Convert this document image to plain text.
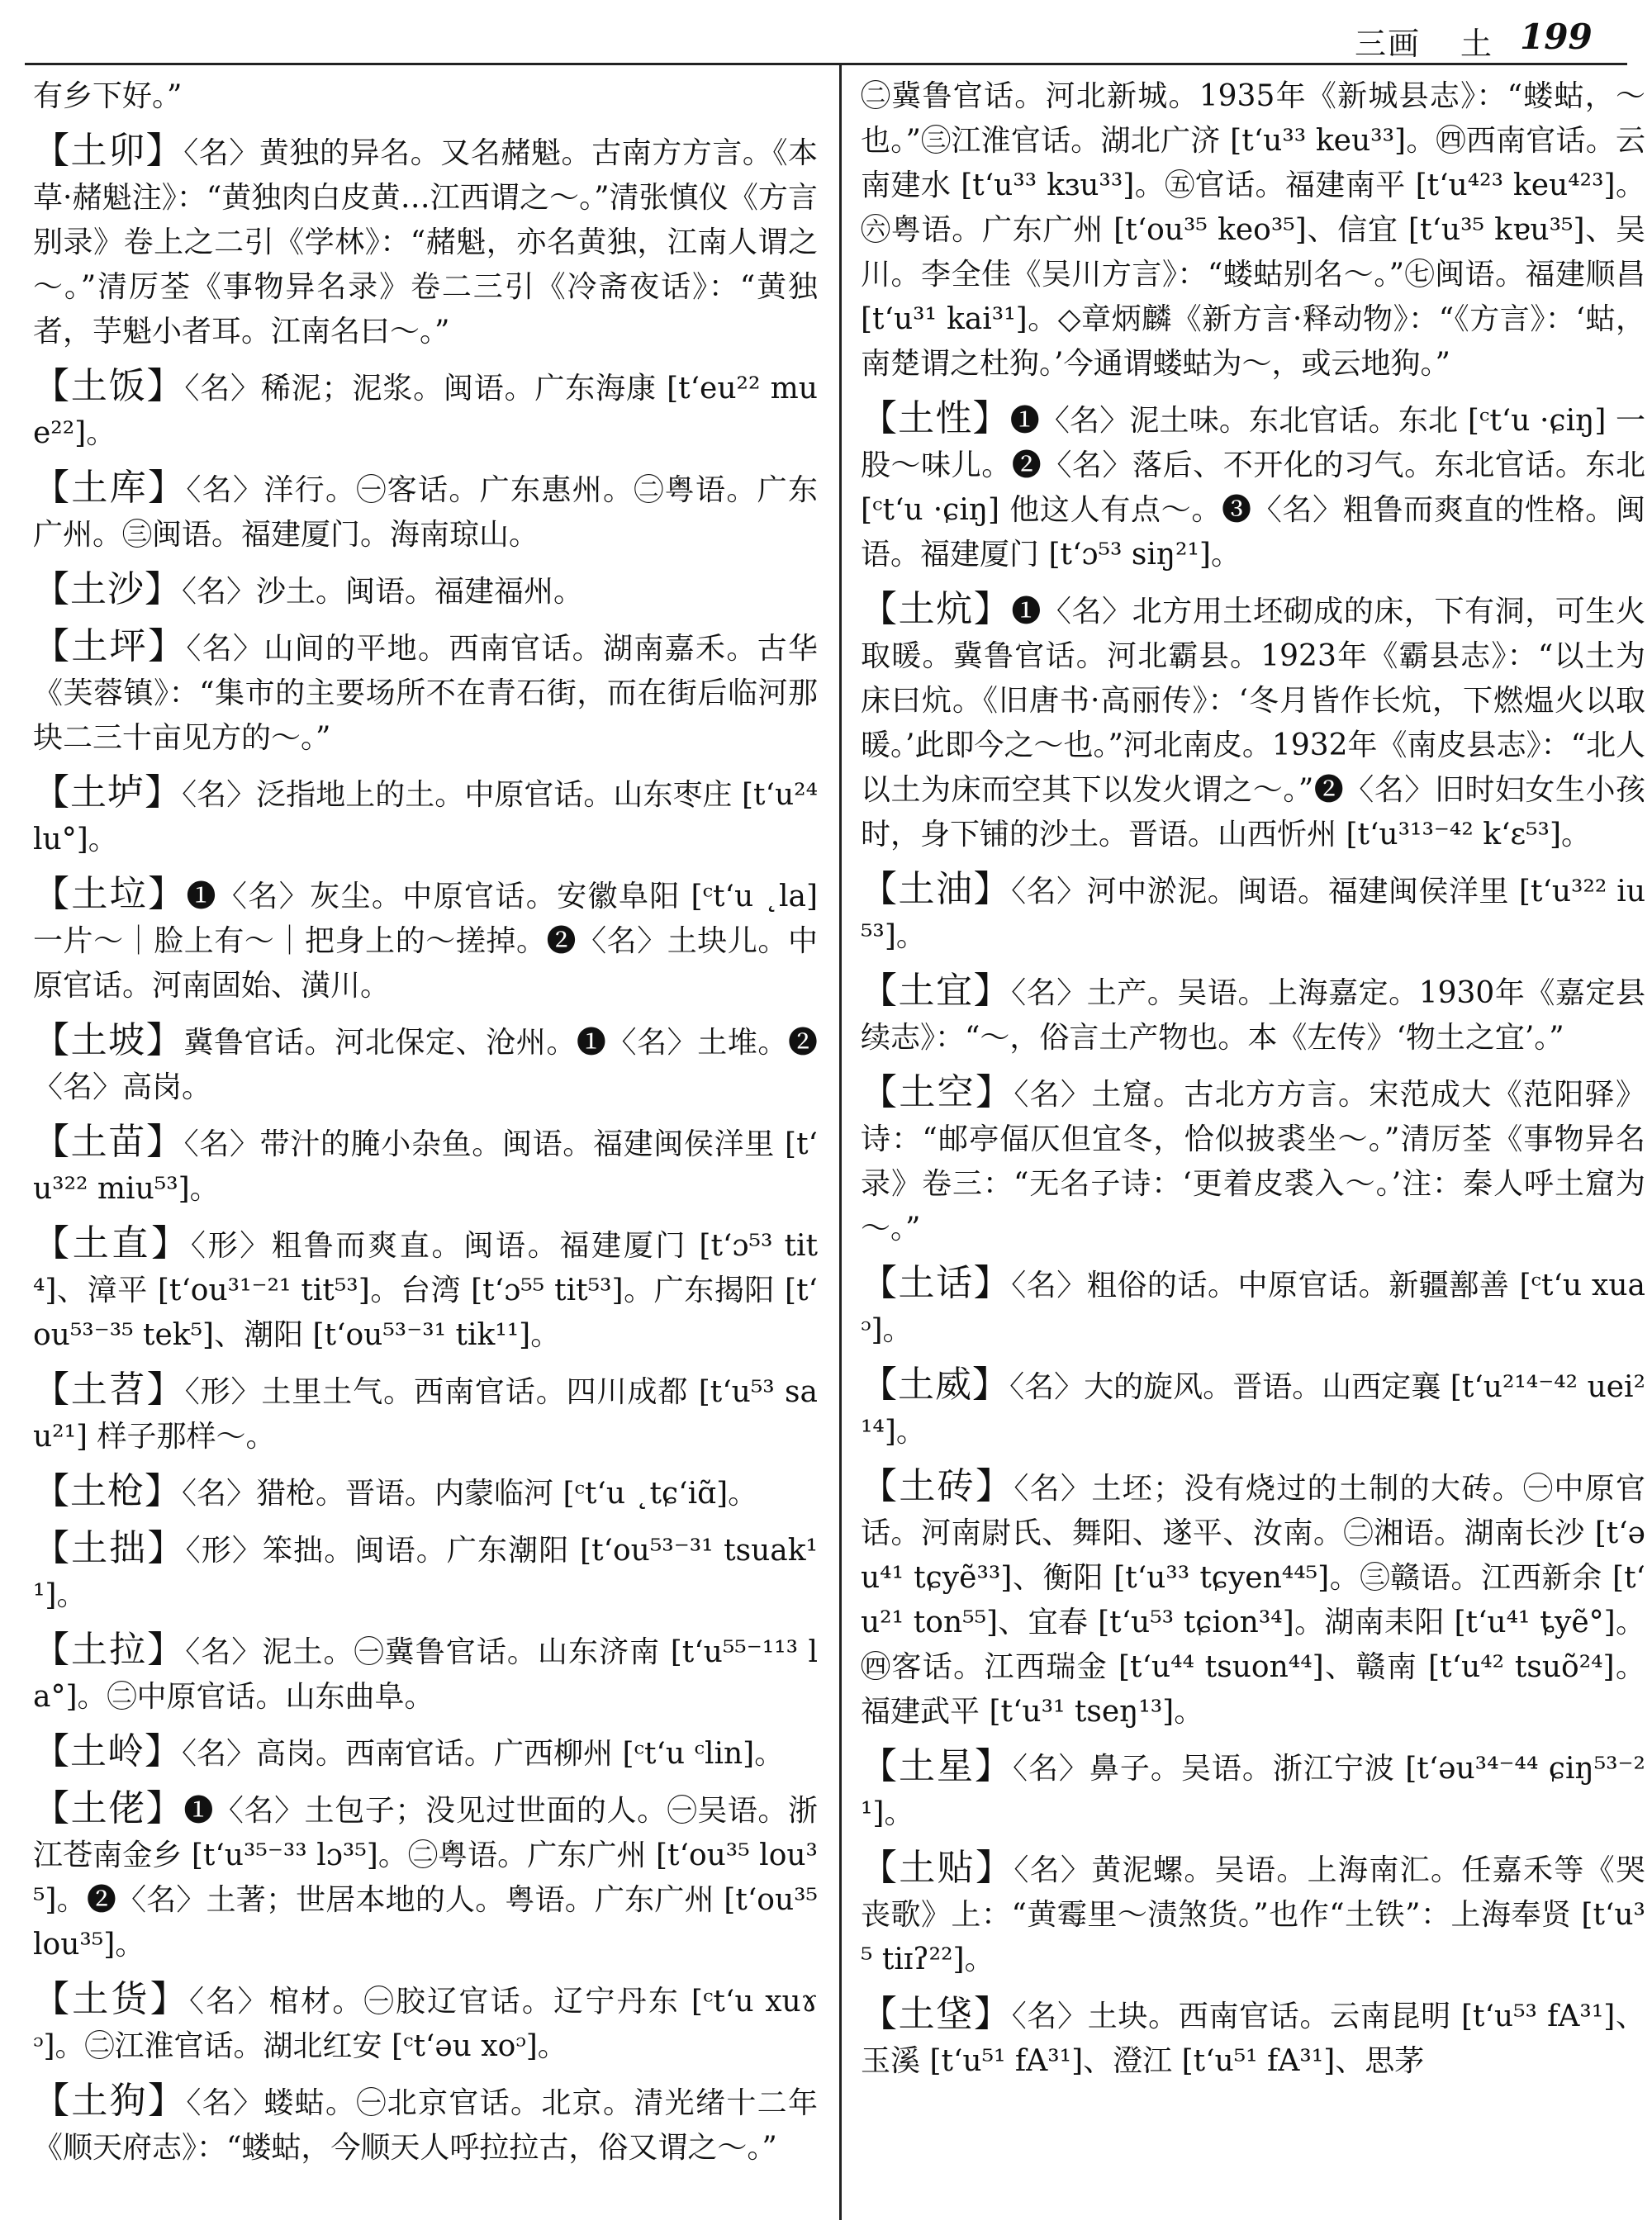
三画 土 199

有乡下好。”

【土卯】〈名〉黄独的异名。又名赭魁。古南方方言。《本草·赭魁注》：“黄独肉白皮黄…江西谓之～。”清张慎仪《方言别录》卷上之二引《学林》：“赭魁，亦名黄独，江南人谓之～。”清厉荃《事物异名录》卷二三引《冷斋夜话》：“黄独者，芋魁小者耳。江南名曰～。”

【土饭】〈名〉稀泥；泥浆。闽语。广东海康 [tʻeu²² mue²²]。

【土库】〈名〉洋行。㊀客话。广东惠州。㊁粤语。广东广州。㊂闽语。福建厦门。海南琼山。

【土沙】〈名〉沙土。闽语。福建福州。

【土坪】〈名〉山间的平地。西南官话。湖南嘉禾。古华《芙蓉镇》：“集市的主要场所不在青石街，而在街后临河那块二三十亩见方的～。”

【土垆】〈名〉泛指地上的土。中原官话。山东枣庄 [tʻu²⁴ lu°]。

【土垃】❶〈名〉灰尘。中原官话。安徽阜阳 [ᶜtʻu ˛la] 一片～｜脸上有～｜把身上的～搓掉。❷〈名〉土块儿。中原官话。河南固始、潢川。

【土坡】冀鲁官话。河北保定、沧州。❶〈名〉土堆。❷〈名〉高岗。

【土苗】〈名〉带汁的腌小杂鱼。闽语。福建闽侯洋里 [tʻu³²² miu⁵³]。

【土直】〈形〉粗鲁而爽直。闽语。福建厦门 [tʻɔ⁵³ tit⁴]、漳平 [tʻou³¹⁻²¹ tit⁵³]。台湾 [tʻɔ⁵⁵ tit⁵³]。广东揭阳 [tʻou⁵³⁻³⁵ tek⁵]、潮阳 [tʻou⁵³⁻³¹ tik¹¹]。

【土苕】〈形〉土里土气。西南官话。四川成都 [tʻu⁵³ sau²¹] 样子那样～。

【土枪】〈名〉猎枪。晋语。内蒙临河 [ᶜtʻu ˛tɕʻiɑ̃]。

【土拙】〈形〉笨拙。闽语。广东潮阳 [tʻou⁵³⁻³¹ tsuak¹¹]。

【土拉】〈名〉泥土。㊀冀鲁官话。山东济南 [tʻu⁵⁵⁻¹¹³ la°]。㊁中原官话。山东曲阜。

【土岭】〈名〉高岗。西南官话。广西柳州 [ᶜtʻu ᶜlin]。

【土佬】❶〈名〉土包子；没见过世面的人。㊀吴语。浙江苍南金乡 [tʻu³⁵⁻³³ lɔ³⁵]。㊁粤语。广东广州 [tʻou³⁵ lou³⁵]。❷〈名〉土著；世居本地的人。粤语。广东广州 [tʻou³⁵ lou³⁵]。

【土货】〈名〉棺材。㊀胶辽官话。辽宁丹东 [ᶜtʻu xuɤᵓ]。㊁江淮官话。湖北红安 [ᶜtʻəu xoᵓ]。

【土狗】〈名〉蝼蛄。㊀北京官话。北京。清光绪十二年《顺天府志》：“蝼蛄，今顺天人呼拉拉古，俗又谓之～。”

㊁冀鲁官话。河北新城。1935年《新城县志》：“蝼蛄，～也。”㊂江淮官话。湖北广济 [tʻu³³ keu³³]。㊃西南官话。云南建水 [tʻu³³ kɜu³³]。㊄官话。福建南平 [tʻu⁴²³ keu⁴²³]。㊅粤语。广东广州 [tʻou³⁵ keo³⁵]、信宜 [tʻu³⁵ kɐu³⁵]、吴川。李全佳《吴川方言》：“蝼蛄别名～。”㊆闽语。福建顺昌 [tʻu³¹ kai³¹]。◇章炳麟《新方言·释动物》：“《方言》：‘蛄，南楚谓之杜狗。’今通谓蝼蛄为～，或云地狗。”

【土性】❶〈名〉泥土味。东北官话。东北 [ᶜtʻu ·ɕiŋ] 一股～味儿。❷〈名〉落后、不开化的习气。东北官话。东北 [ᶜtʻu ·ɕiŋ] 他这人有点～。❸〈名〉粗鲁而爽直的性格。闽语。福建厦门 [tʻɔ⁵³ siŋ²¹]。

【土炕】❶〈名〉北方用土坯砌成的床，下有洞，可生火取暖。冀鲁官话。河北霸县。1923年《霸县志》：“以土为床曰炕。《旧唐书·高丽传》：‘冬月皆作长炕，下燃煴火以取暖。’此即今之～也。”河北南皮。1932年《南皮县志》：“北人以土为床而空其下以发火谓之～。”❷〈名〉旧时妇女生小孩时，身下铺的沙土。晋语。山西忻州 [tʻu³¹³⁻⁴² kʻɛ⁵³]。

【土油】〈名〉河中淤泥。闽语。福建闽侯洋里 [tʻu³²² iu⁵³]。

【土宜】〈名〉土产。吴语。上海嘉定。1930年《嘉定县续志》：“～，俗言土产物也。本《左传》‘物土之宜’。”

【土空】〈名〉土窟。古北方方言。宋范成大《范阳驿》诗：“邮亭偪仄但宜冬，恰似披裘坐～。”清厉荃《事物异名录》卷三：“无名子诗：‘更着皮裘入～。’注：秦人呼土窟为～。”

【土话】〈名〉粗俗的话。中原官话。新疆鄯善 [ᶜtʻu xuaᵓ]。

【土威】〈名〉大的旋风。晋语。山西定襄 [tʻu²¹⁴⁻⁴² uei²¹⁴]。

【土砖】〈名〉土坯；没有烧过的土制的大砖。㊀中原官话。河南尉氏、舞阳、遂平、汝南。㊁湘语。湖南长沙 [tʻəu⁴¹ tɕyẽ³³]、衡阳 [tʻu³³ tɕyen⁴⁴⁵]。㊂赣语。江西新余 [tʻu²¹ ton⁵⁵]、宜春 [tʻu⁵³ tɕion³⁴]。湖南耒阳 [tʻu⁴¹ ȶyẽ°]。㊃客话。江西瑞金 [tʻu⁴⁴ tsuon⁴⁴]、赣南 [tʻu⁴² tsuõ²⁴]。福建武平 [tʻu³¹ tseŋ¹³]。

【土星】〈名〉鼻子。吴语。浙江宁波 [tʻəu³⁴⁻⁴⁴ ɕiŋ⁵³⁻²¹]。

【土贴】〈名〉黄泥螺。吴语。上海南汇。任嘉禾等《哭丧歌》上：“黄霉里～渍煞货。”也作“土铁”：上海奉贤 [tʻu³⁵ tiɪʔ²²]。

【土垡】〈名〉土块。西南官话。云南昆明 [tʻu⁵³ fA³¹]、玉溪 [tʻu⁵¹ fA³¹]、澄江 [tʻu⁵¹ fA³¹]、思茅
